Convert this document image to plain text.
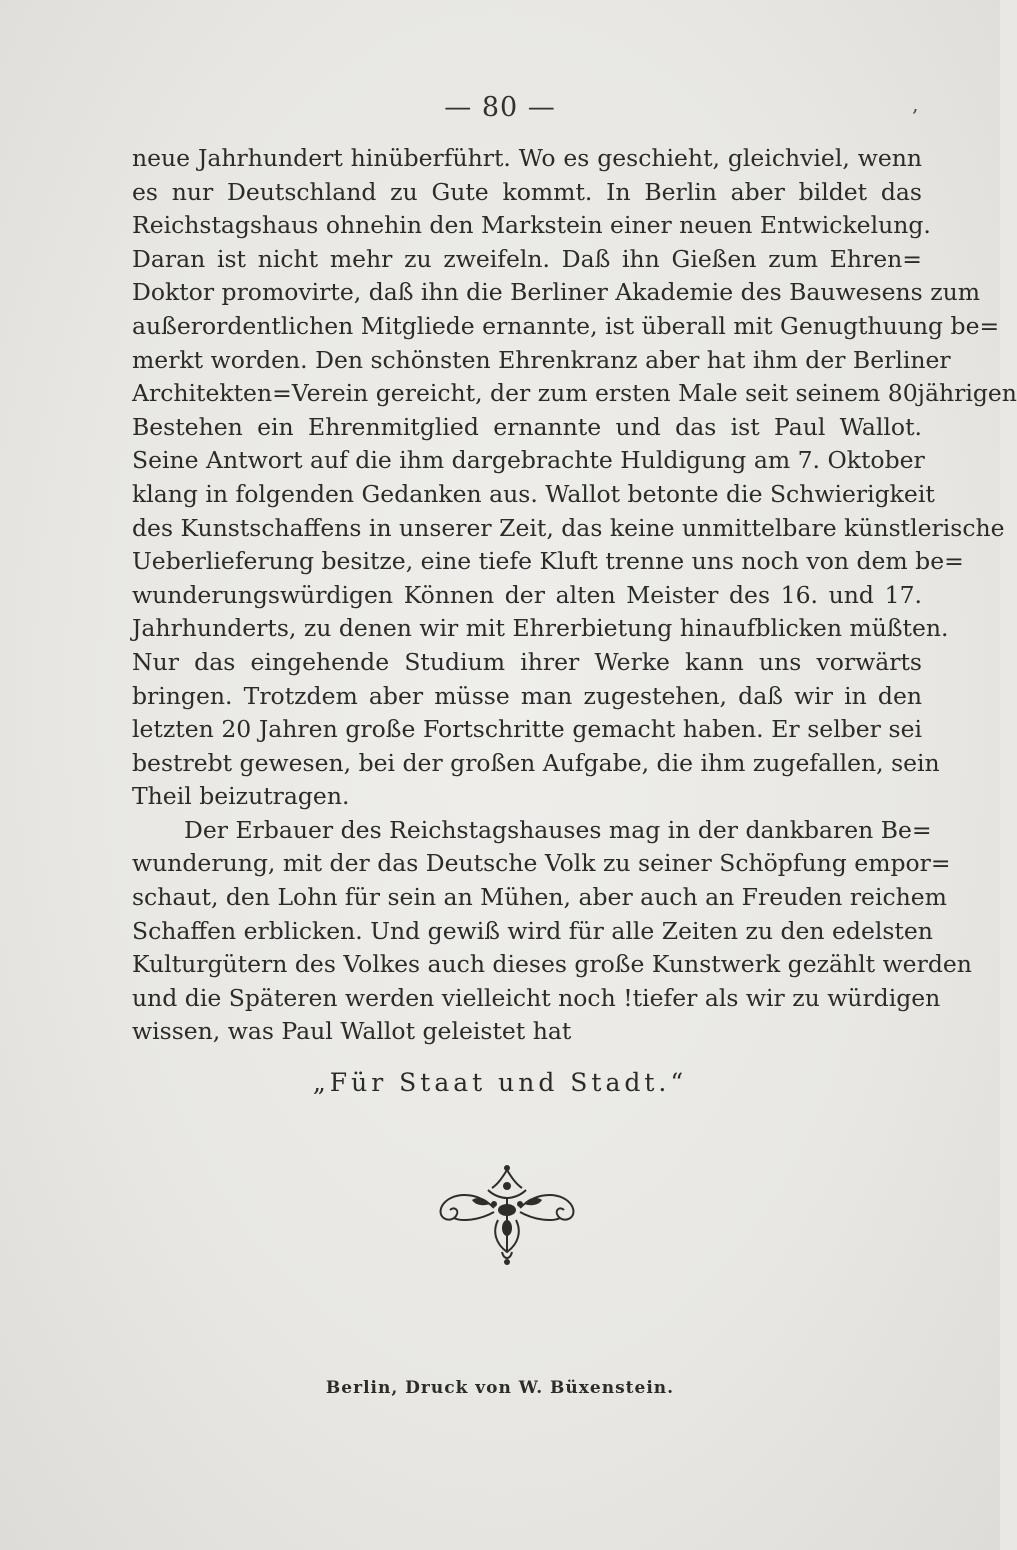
— 80 —	‚
neue Jahrhundert hinüberführt. Wo es geschieht, gleichviel, wenn
es nur Deutschland zu Gute kommt. In Berlin aber bildet das
Reichstagshaus ohnehin den Markstein einer neuen Entwickelung.
Daran ist nicht mehr zu zweifeln. Daß ihn Gießen zum Ehren=
Doktor promovirte, daß ihn die Berliner Akademie des Bauwesens zum
außerordentlichen Mitgliede ernannte, ist überall mit Genugthuung be=
merkt worden. Den schönsten Ehrenkranz aber hat ihm der Berliner
Architekten=Verein gereicht, der zum ersten Male seit seinem 80jährigen
Bestehen ein Ehrenmitglied ernannte und das ist Paul Wallot.
Seine Antwort auf die ihm dargebrachte Huldigung am 7. Oktober
klang in folgenden Gedanken aus. Wallot betonte die Schwierigkeit
des Kunstschaffens in unserer Zeit, das keine unmittelbare künstlerische
Ueberlieferung besitze, eine tiefe Kluft trenne uns noch von dem be=
wunderungswürdigen Können der alten Meister des 16. und 17.
Jahrhunderts, zu denen wir mit Ehrerbietung hinaufblicken müßten.
Nur das eingehende Studium ihrer Werke kann uns vorwärts
bringen. Trotzdem aber müsse man zugestehen, daß wir in den
letzten 20 Jahren große Fortschritte gemacht haben. Er selber sei
bestrebt gewesen, bei der großen Aufgabe, die ihm zugefallen, sein
Theil beizutragen.
Der Erbauer des Reichstagshauses mag in der dankbaren Be=
wunderung, mit der das Deutsche Volk zu seiner Schöpfung empor=
schaut, den Lohn für sein an Mühen, aber auch an Freuden reichem
Schaffen erblicken. Und gewiß wird für alle Zeiten zu den edelsten
Kulturgütern des Volkes auch dieses große Kunstwerk gezählt werden
und die Späteren werden vielleicht noch !tiefer als wir zu würdigen
wissen, was Paul Wallot geleistet hat
„Für Staat und Stadt.“
Berlin, Druck von W. Büxenstein.
